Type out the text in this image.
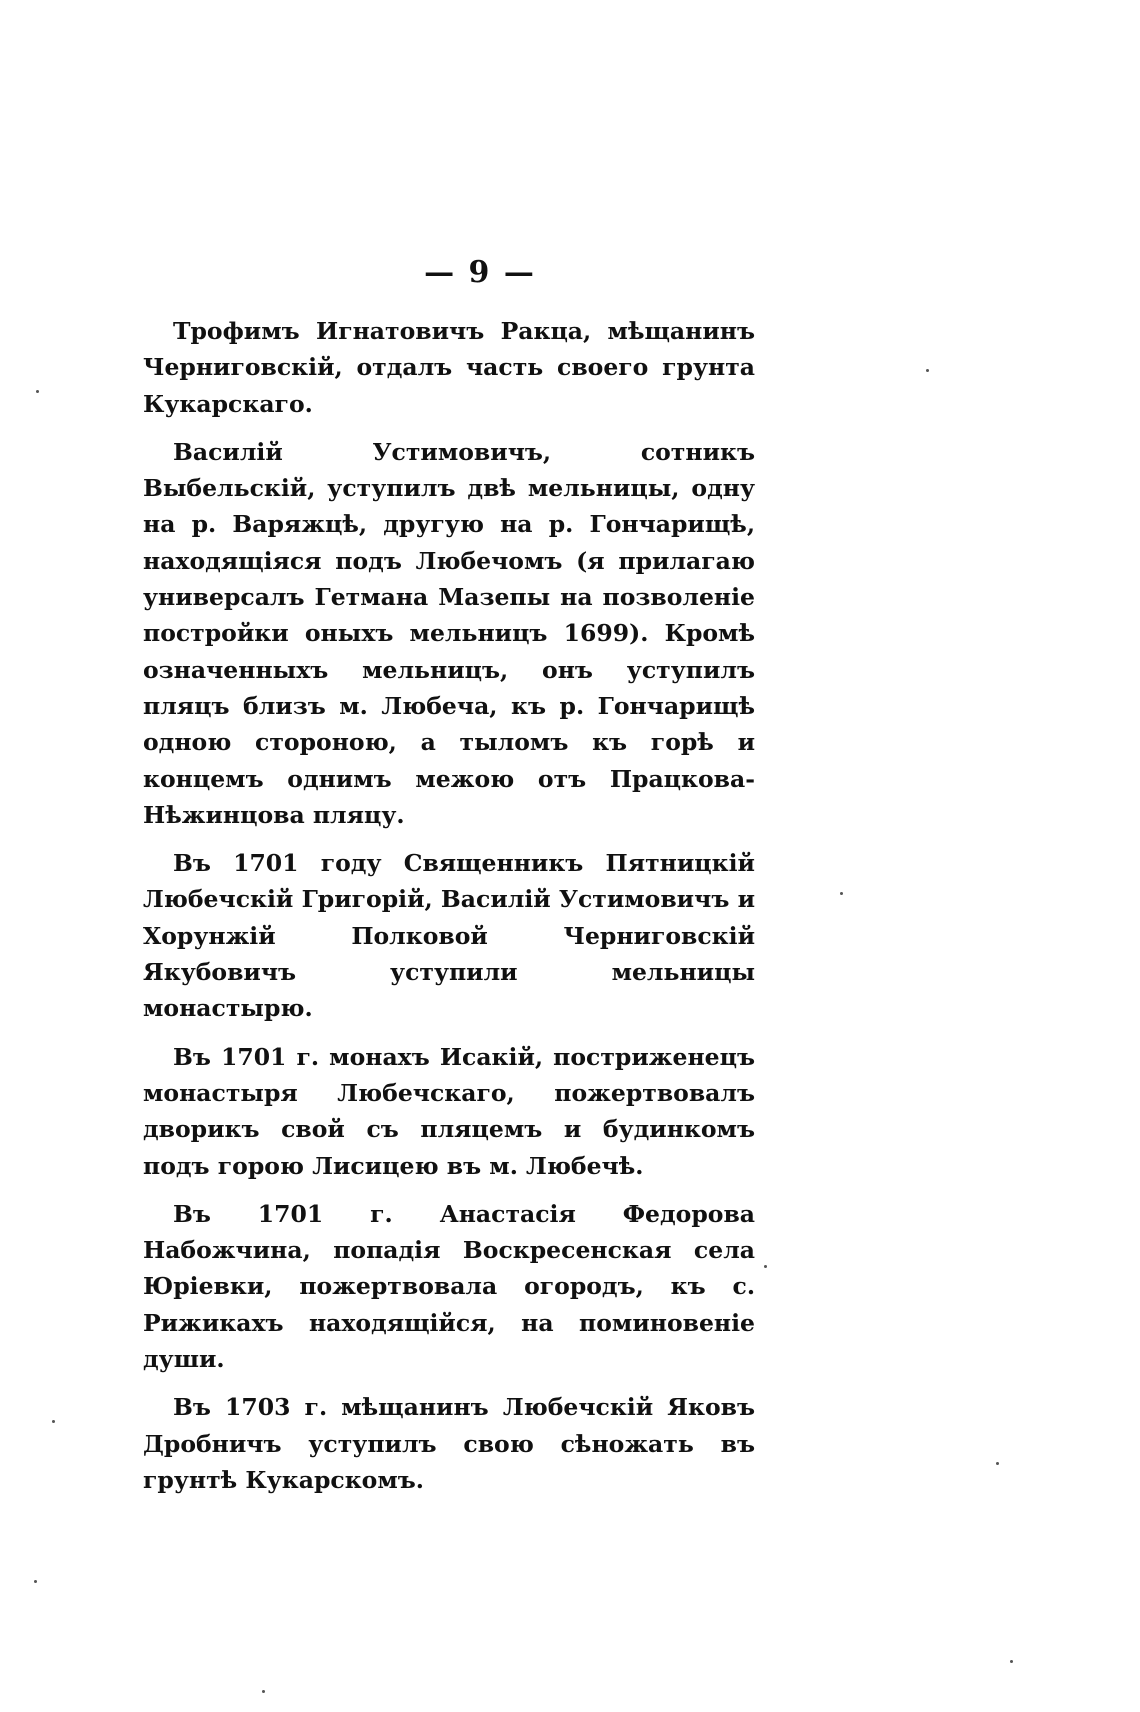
— 9 —

Трофимъ Игнатовичъ Ракца, мѣщанинъ Черниговскій, отдалъ часть своего грунта Кукарскаго.

Василій Устимовичъ, сотникъ Выбельскій, уступилъ двѣ мельницы, одну на р. Варяжцѣ, другую на р. Гончарищѣ, находящіяся подъ Любечомъ (я прилагаю универсалъ Гетмана Мазепы на позволеніе постройки оныхъ мельницъ 1699). Кромѣ означенныхъ мельницъ, онъ уступилъ пляцъ близъ м. Любеча, къ р. Гончарищѣ одною стороною, а тыломъ къ горѣ и концемъ однимъ межою отъ Працкова-Нѣжинцова пляцу.

Въ 1701 году Священникъ Пятницкій Любечскій Григорій, Василій Устимовичъ и Хорунжій Полковой Черниговскій Якубовичъ уступили мельницы монастырю.

Въ 1701 г. монахъ Исакій, постриженецъ монастыря Любечскаго, пожертвовалъ дворикъ свой съ пляцемъ и будинкомъ подъ горою Лисицею въ м. Любечѣ.

Въ 1701 г. Анастасія Федорова Набожчина, попадія Воскресенская села Юріевки, пожертвовала огородъ, къ с. Рижикахъ находящійся, на поминовеніе души.

Въ 1703 г. мѣщанинъ Любечскій Яковъ Дробничъ уступилъ свою сѣножать въ грунтѣ Кукарскомъ.
